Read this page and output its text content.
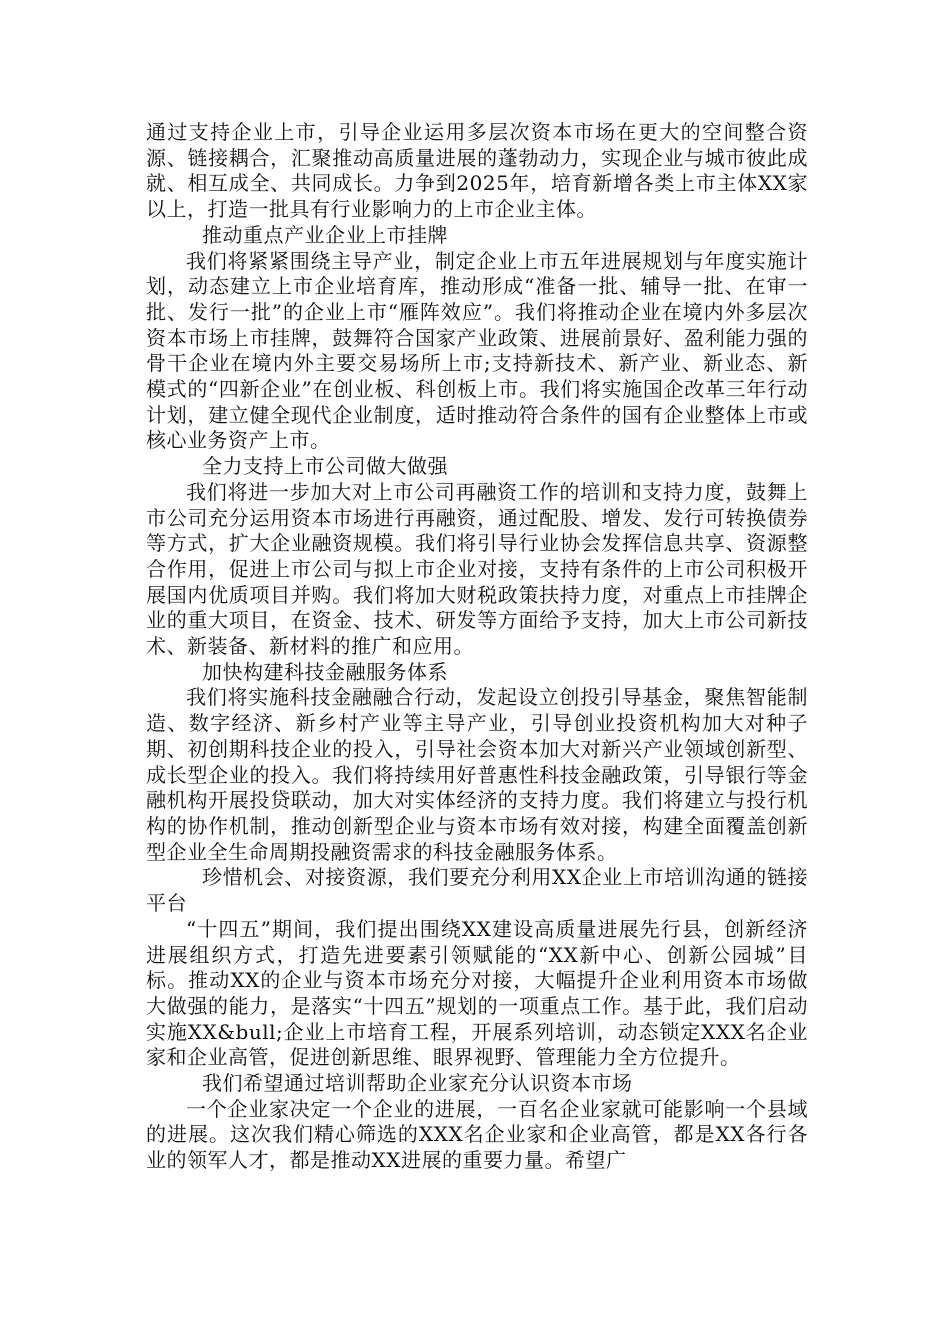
通过支持企业上市，引导企业运用多层次资本市场在更大的空间整合资源、链接耦合，汇聚推动高质量进展的蓬勃动力，实现企业与城市彼此成就、相互成全、共同成长。力争到2025年，培育新增各类上市主体XX家以上，打造一批具有行业影响力的上市企业主体。

推动重点产业企业上市挂牌

我们将紧紧围绕主导产业，制定企业上市五年进展规划与年度实施计划，动态建立上市企业培育库，推动形成“准备一批、辅导一批、在审一批、发行一批”的企业上市“雁阵效应”。我们将推动企业在境内外多层次资本市场上市挂牌，鼓舞符合国家产业政策、进展前景好、盈利能力强的骨干企业在境内外主要交易场所上市;支持新技术、新产业、新业态、新模式的“四新企业”在创业板、科创板上市。我们将实施国企改革三年行动计划，建立健全现代企业制度，适时推动符合条件的国有企业整体上市或核心业务资产上市。

全力支持上市公司做大做强

我们将进一步加大对上市公司再融资工作的培训和支持力度，鼓舞上市公司充分运用资本市场进行再融资，通过配股、增发、发行可转换债券等方式，扩大企业融资规模。我们将引导行业协会发挥信息共享、资源整合作用，促进上市公司与拟上市企业对接，支持有条件的上市公司积极开展国内优质项目并购。我们将加大财税政策扶持力度，对重点上市挂牌企业的重大项目，在资金、技术、研发等方面给予支持，加大上市公司新技术、新装备、新材料的推广和应用。

加快构建科技金融服务体系

我们将实施科技金融融合行动，发起设立创投引导基金，聚焦智能制造、数字经济、新乡村产业等主导产业，引导创业投资机构加大对种子期、初创期科技企业的投入，引导社会资本加大对新兴产业领域创新型、成长型企业的投入。我们将持续用好普惠性科技金融政策，引导银行等金融机构开展投贷联动，加大对实体经济的支持力度。我们将建立与投行机构的协作机制，推动创新型企业与资本市场有效对接，构建全面覆盖创新型企业全生命周期投融资需求的科技金融服务体系。

珍惜机会、对接资源，我们要充分利用XX企业上市培训沟通的链接平台

“十四五”期间，我们提出围绕XX建设高质量进展先行县，创新经济进展组织方式，打造先进要素引领赋能的“XX新中心、创新公园城”目标。推动XX的企业与资本市场充分对接，大幅提升企业利用资本市场做大做强的能力，是落实“十四五”规划的一项重点工作。基于此，我们启动实施XX&bull;企业上市培育工程，开展系列培训，动态锁定XXX名企业家和企业高管，促进创新思维、眼界视野、管理能力全方位提升。

我们希望通过培训帮助企业家充分认识资本市场

一个企业家决定一个企业的进展，一百名企业家就可能影响一个县域的进展。这次我们精心筛选的XXX名企业家和企业高管，都是XX各行各业的领军人才，都是推动XX进展的重要力量。希望广
